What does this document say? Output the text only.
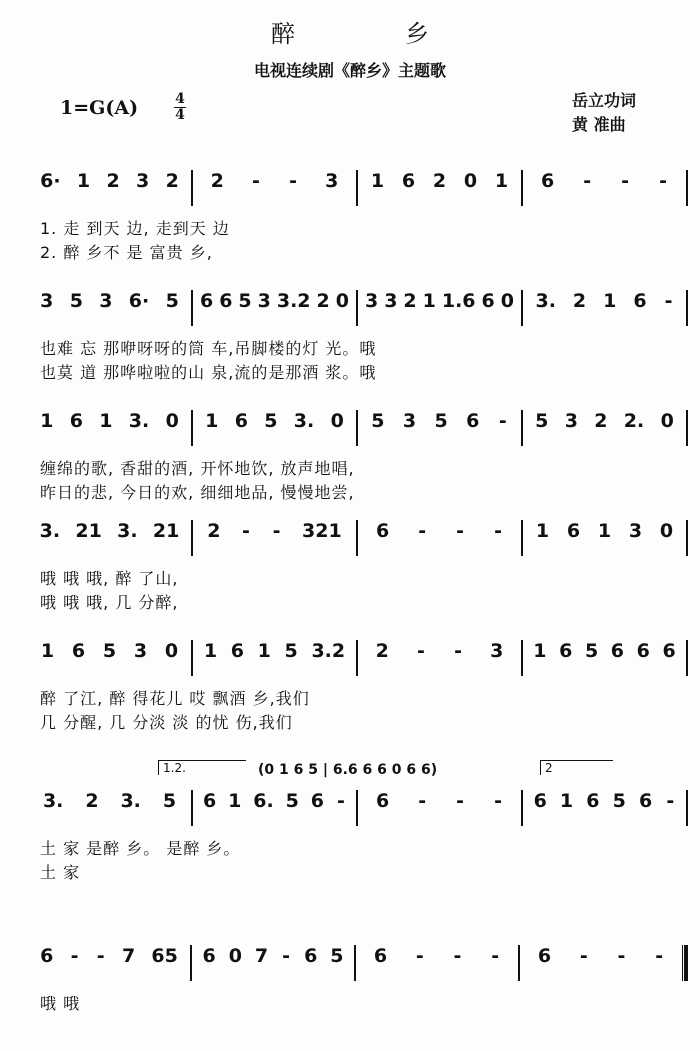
醉乡
电视连续剧《醉乡》主题歌
1=G(A)	4
4
岳立功词
黄 准曲
6· 1 2 3 2 2 - - 3 1 6 2 0 1 6 - - -
1. 走 到天 边, 走到天 边
2. 醉 乡不 是 富贵 乡,
3 5 3 6· 5 6 6 5 3 3.2 2 0 3 3 2 1 1.6 6 0 3. 2 1 6 -
也难 忘 那咿呀呀的筒 车,吊脚楼的灯 光。哦
也莫 道 那哗啦啦的山 泉,流的是那酒 浆。哦
1 6 1 3. 0 1 6 5 3. 0 5 3 5 6 - 5 3 2 2. 0
缠绵的歌, 香甜的酒, 开怀地饮, 放声地唱,
昨日的悲, 今日的欢, 细细地品, 慢慢地尝,
3. 21 3. 21 2 - - 321 6 - - - 1 6 1 3 0
哦 哦 哦, 醉 了山,
哦 哦 哦, 几 分醉,
1 6 5 3 0 1 6 1 5 3.2 2 - - 3 1 6 5 6 6 6
醉 了江, 醉 得花儿 哎 飘酒 乡,我们
几 分醒, 几 分淡 淡 的忧 伤,我们
3. 2 3. 5 6 1 6. 5 6 - 6 - - - 6 1 6 5 6 -
土 家 是醉 乡。 是醉 乡。
土 家
1.2.	(0 1 6 5 | 6.6 6 6 0 6 6)	2
6 - - 7 65 6 0 7 - 6 5 6 - - - 6 - - -
哦 哦
